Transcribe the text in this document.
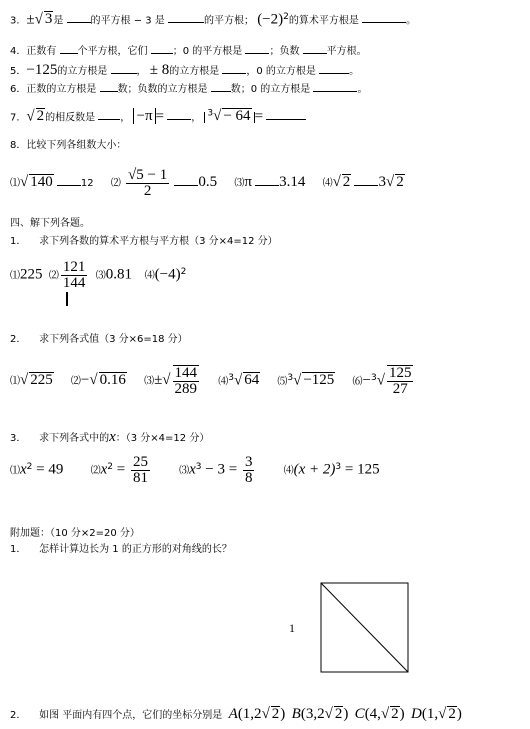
3．±√ 3是	的平方根 − 3 是	的平方根； $(-2)^2$的算术平方根是	。
4．正数有 个平方根，它们	；0 的平方根是	；负数	平方根。
5．−125的立方根是	， ± 8的立方根是	，0 的立方根是	。
6．正数的立方根是 数；负数的立方根是 数；0 的立方根是	。
7．√ 2的相反数是	， −π =	， $^3$√ − 64 =
8．比较下列各组数大小：
⑴√ 140	12 ⑵ $\frac{√5 - 1}{2} 0.5$ ⑶π 3.14 ⑷√ 2 3√ 2
四、解下列各题。
1． 求下列各数的算术平方根与平方根（3 分×4=12 分）
⑴225 ⑵ $\frac{121}{144}$ ⑶0.81 $⑷(-4)^2$
2． 求下列各式值（3 分×6=18 分）
⑴√ 225 ⑵−√ 0.16 ⑶±√ $\frac{144}{289}$ ⑷$^3$√ 64 ⑸$^3$√ −125 ⑹−$^3$√ $\frac{125}{27}$
3． 求下列各式中的x：（3 分×4=12 分）
$⑴x^2 = 49$	$⑵x^2 = \frac{25}{81}$	$⑶x^3 - 3 = \frac{3}{8}$	⑷(x + 2)$^3$ = 125
附加题：（10 分×2=20 分）
1． 怎样计算边长为 1 的正方形的对角线的长？
1
2． 如图 平面内有四个点，它们的坐标分别是 A(1,2√ 2) B(3,2√ 2) C(4,√ 2) D(1,√ 2)
